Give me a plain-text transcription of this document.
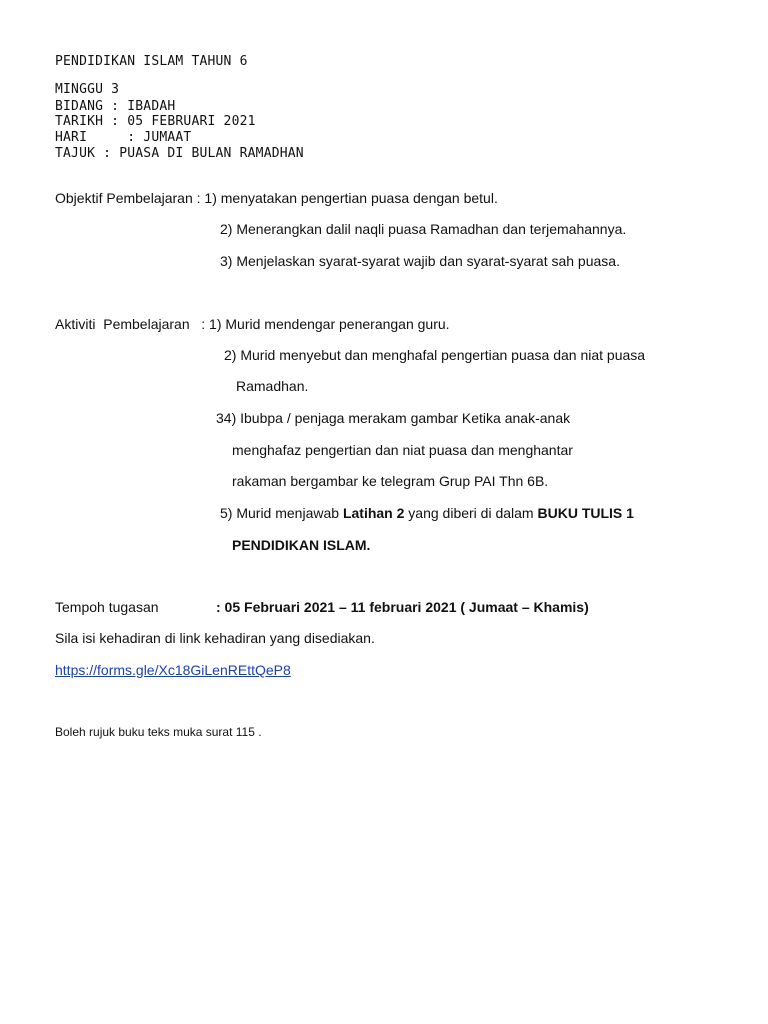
PENDIDIKAN ISLAM TAHUN 6
MINGGU 3
BIDANG : IBADAH
TARIKH : 05 FEBRUARI 2021
HARI     : JUMAAT
TAJUK : PUASA DI BULAN RAMADHAN
Objektif Pembelajaran : 1) menyatakan pengertian puasa dengan betul.
2) Menerangkan dalil naqli puasa Ramadhan dan terjemahannya.
3) Menjelaskan syarat-syarat wajib dan syarat-syarat sah puasa.
Aktiviti  Pembelajaran   : 1) Murid mendengar penerangan guru.
2) Murid menyebut dan menghafal pengertian puasa dan niat puasa
Ramadhan.
34) Ibubpa / penjaga merakam gambar Ketika anak-anak
menghafaz pengertian dan niat puasa dan menghantar
rakaman bergambar ke telegram Grup PAI Thn 6B.
5) Murid menjawab Latihan 2 yang diberi di dalam BUKU TULIS 1
PENDIDIKAN ISLAM.
Tempoh tugasan	: 05 Februari 2021 – 11 februari 2021 ( Jumaat – Khamis)
Sila isi kehadiran di link kehadiran yang disediakan.
https://forms.gle/Xc18GiLenREttQeP8
Boleh rujuk buku teks muka surat 115 .
